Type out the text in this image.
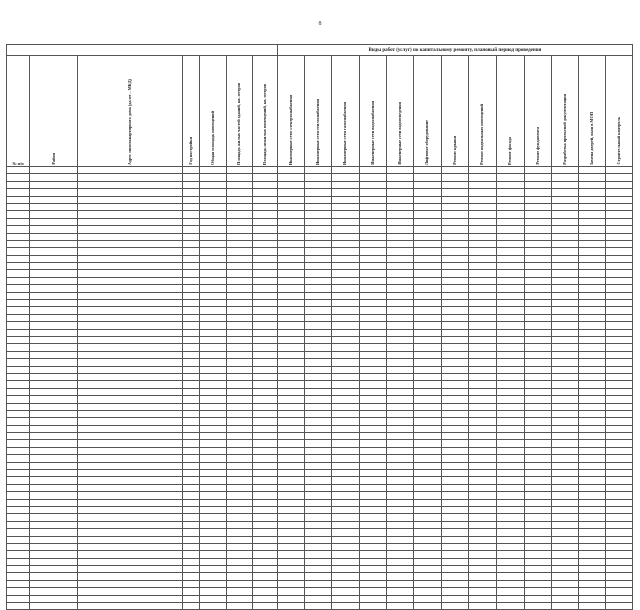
8
							Виды работ (услуг) по капитальному ремонту, плановый период проведения												
№ п/п	Район	Адрес многоквартирного дома (далее – МКД)	Год постройки	Общая площадь помещений	Площадь жилых частей зданий, кв. метров	Площадь нежилых помещений, кв. метров	Инженерные сети электроснабжения	Инженерные сети теплоснабжения	Инженерные сети газоснабжения	Инженерные сети водоснабжения	Инженерные сети водоотведения	Лифтовое оборудование	Ремонт крыши	Ремонт подвальных помещений	Ремонт фасада	Ремонт фундамента	Разработка проектной документации	Замена дверей, окон в МОП	Строительный контроль
